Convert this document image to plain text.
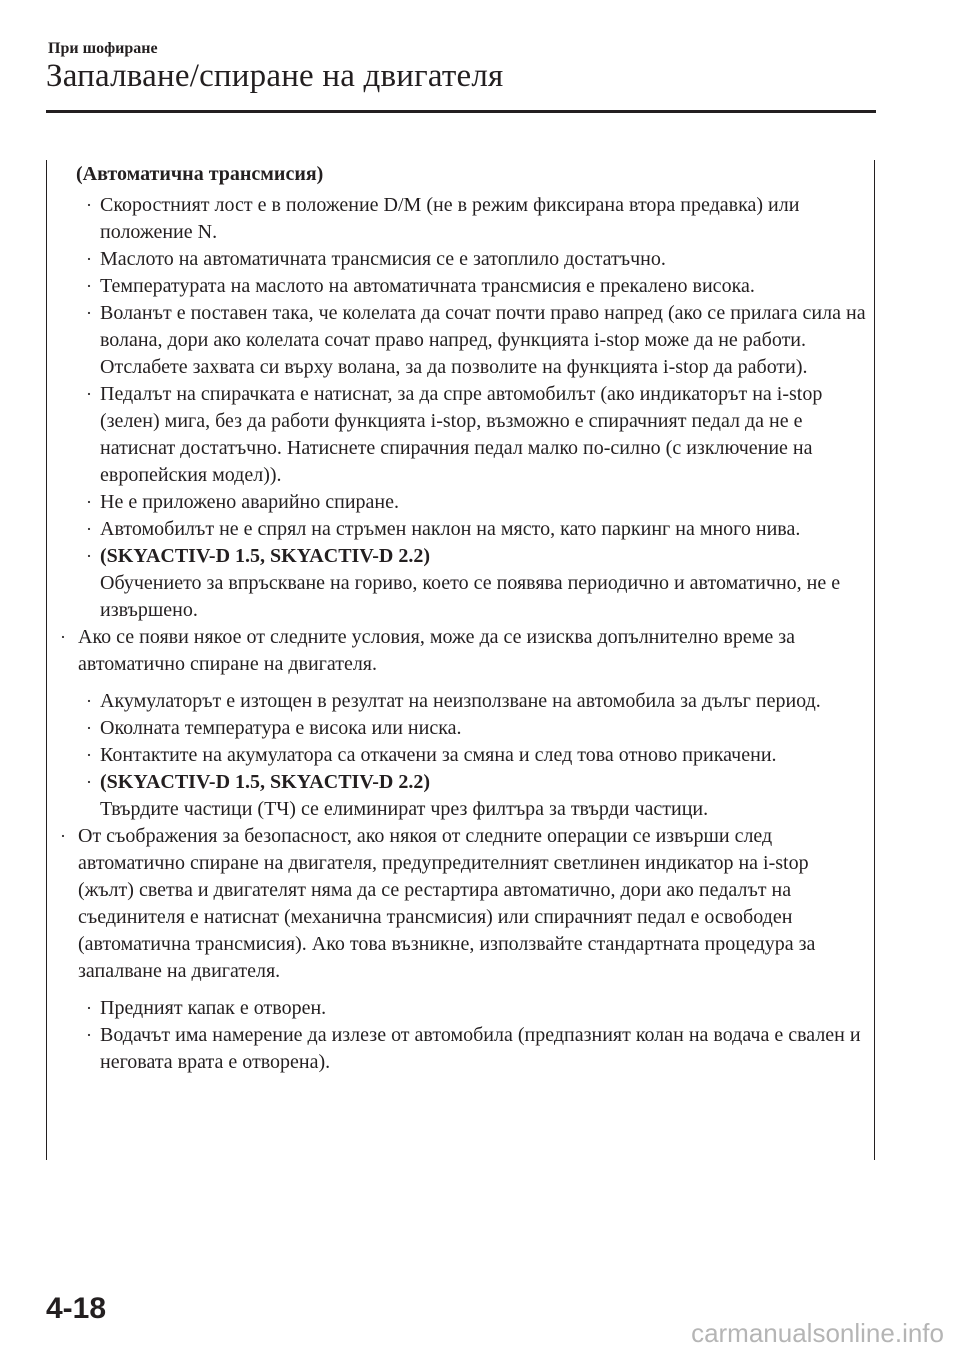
При шофиране
Запалване/спиране на двигателя
(Автоматична трансмисия)
· Скоростният лост е в положение D/M (не в режим фиксирана втора предавка) или положение N.
· Маслото на автоматичната трансмисия се е затоплило достатъчно.
· Температурата на маслото на автоматичната трансмисия е прекалено висока.
· Воланът е поставен така, че колелата да сочат почти право напред (ако се прилага сила на волана, дори ако колелата сочат право напред, функцията i-stop може да не работи. Отслабете захвата си върху волана, за да позволите на функцията i-stop да работи).
· Педалът на спирачката е натиснат, за да спре автомобилът (ако индикаторът на i-stop (зелен) мига, без да работи функцията i-stop, възможно е спирачният педал да не е натиснат достатъчно. Натиснете спирачния педал малко по-силно (с изключение на европейския модел)).
· Не е приложено аварийно спиране.
· Автомобилът не е спрял на стръмен наклон на място, като паркинг на много нива.
· (SKYACTIV-D 1.5, SKYACTIV-D 2.2)
Обучението за впръскване на гориво, което се появява периодично и автоматично, не е извършено.
· Ако се появи някое от следните условия, може да се изисква допълнително време за автоматично спиране на двигателя.
· Акумулаторът е изтощен в резултат на неизползване на автомобила за дълъг период.
· Околната температура е висока или ниска.
· Контактите на акумулатора са откачени за смяна и след това отново прикачени.
· (SKYACTIV-D 1.5, SKYACTIV-D 2.2)
Твърдите частици (ТЧ) се елиминират чрез филтъра за твърди частици.
· От съображения за безопасност, ако някоя от следните операции се извърши след автоматично спиране на двигателя, предупредителният светлинен индикатор на i-stop (жълт) светва и двигателят няма да се рестартира автоматично, дори ако педалът на съединителя е натиснат (механична трансмисия) или спирачният педал е освободен (автоматична трансмисия). Ако това възникне, използвайте стандартната процедура за запалване на двигателя.
· Предният капак е отворен.
· Водачът има намерение да излезе от автомобила (предпазният колан на водача е свален и неговата врата е отворена).
4-18
carmanualsonline.info
